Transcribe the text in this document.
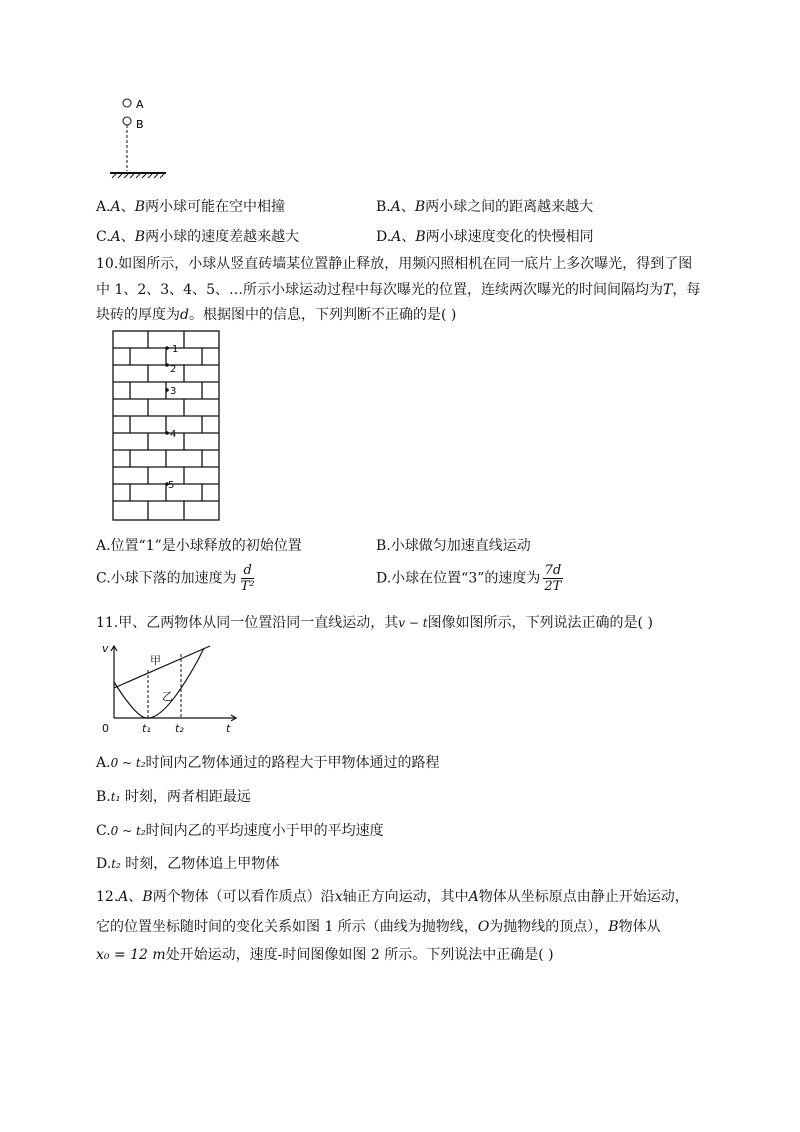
A
B
A.A、B两小球可能在空中相撞	B.A、B两小球之间的距离越来越大
C.A、B两小球的速度差越来越大	D.A、B两小球速度变化的快慢相同
10.如图所示，小球从竖直砖墙某位置静止释放，用频闪照相机在同一底片上多次曝光，得到了图
中 1、2、3、4、5、…所示小球运动过程中每次曝光的位置，连续两次曝光的时间间隔均为T，每
块砖的厚度为d。根据图中的信息，下列判断不正确的是( )
1
2
3
4
5
A.位置“1”是小球释放的初始位置	B.小球做匀加速直线运动
C.小球下落的加速度为 $\frac{d}{\text{T²}}$	D.小球在位置“3”的速度为 $\frac{7d}{2T}$
11.甲、乙两物体从同一位置沿同一直线运动，其v − t图像如图所示，下列说法正确的是( )
v
t
0	t₁ t₂
甲
乙
A.0 ~ t₂时间内乙物体通过的路程大于甲物体通过的路程
B.t₁ 时刻，两者相距最远
C.0 ~ t₂时间内乙的平均速度小于甲的平均速度
D.t₂ 时刻，乙物体追上甲物体
12.A、B两个物体（可以看作质点）沿x轴正方向运动，其中A物体从坐标原点由静止开始运动，
它的位置坐标随时间的变化关系如图 1 所示（曲线为抛物线，O为抛物线的顶点），B物体从
x₀ = 12 m处开始运动，速度-时间图像如图 2 所示。下列说法中正确是( )
